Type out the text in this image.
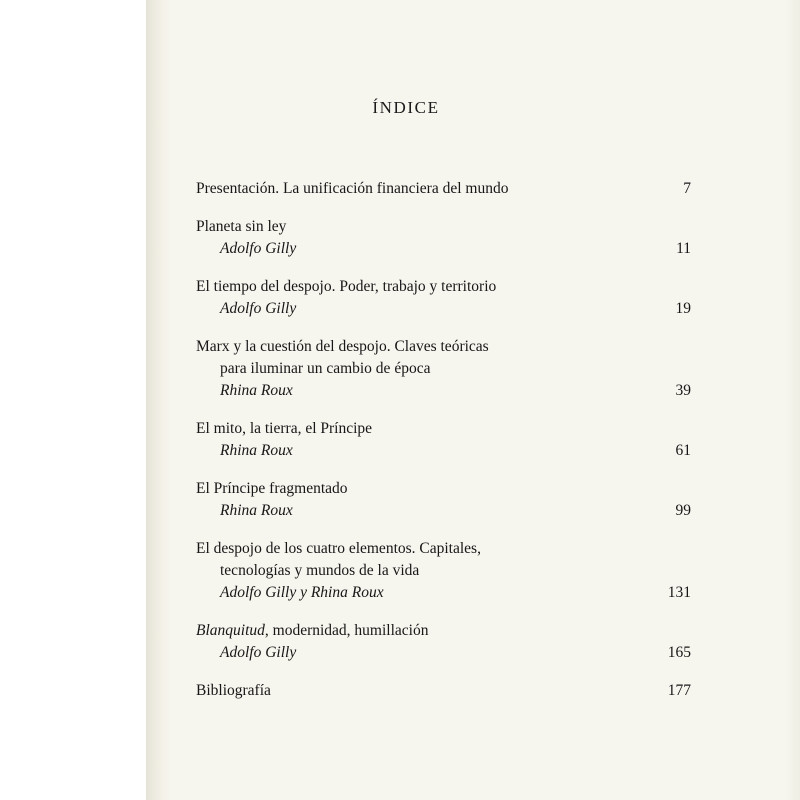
ÍNDICE
Presentación. La unificación financiera del mundo	7
Planeta sin ley
Adolfo Gilly	11
El tiempo del despojo. Poder, trabajo y territorio
Adolfo Gilly	19
Marx y la cuestión del despojo. Claves teóricas
para iluminar un cambio de época
Rhina Roux	39
El mito, la tierra, el Príncipe
Rhina Roux	61
El Príncipe fragmentado
Rhina Roux	99
El despojo de los cuatro elementos. Capitales,
tecnologías y mundos de la vida
Adolfo Gilly y Rhina Roux	131
Blanquitud, modernidad, humillación
Adolfo Gilly	165
Bibliografía	177
